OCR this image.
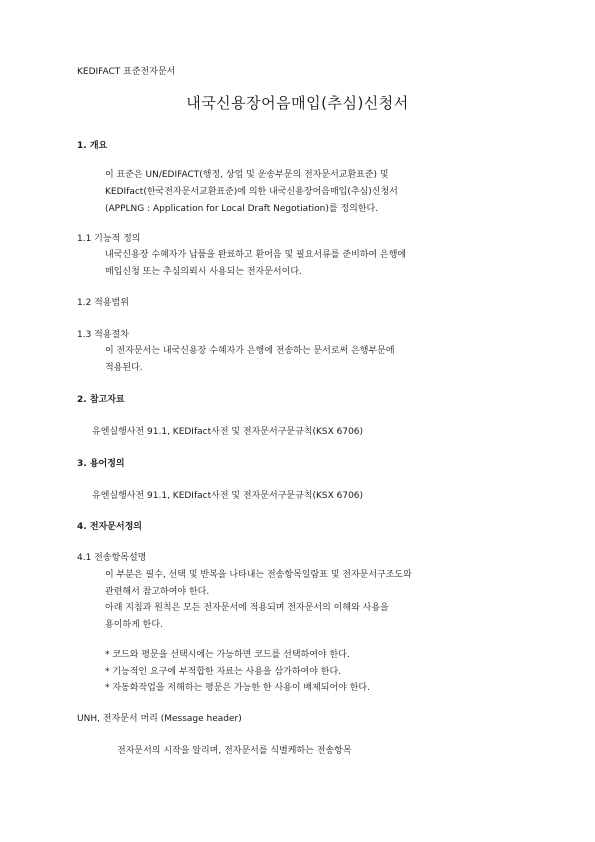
KEDIFACT 표준전자문서
내국신용장어음매입(추심)신청서
1. 개요
이 표준은 UN/EDIFACT(행정, 상업 및 운송부문의 전자문서교환표준) 및
KEDIfact(한국전자문서교환표준)에 의한 내국신용장어음매입(추심)신청서
(APPLNG : Application for Local Draft Negotiation)를 정의한다.
1.1 기능적 정의
내국신용장 수혜자가 납품을 완료하고 환어음 및 필요서류를 준비하여 은행에
매입신청 또는 추심의뢰시 사용되는 전자문서이다.
1.2 적용범위
1.3 적용절차
이 전자문서는 내국신용장 수혜자가 은행에 전송하는 문서로써 은행부문에
적용된다.
2. 참고자료
유엔실행사전 91.1, KEDIfact사전 및 전자문서구문규칙(KSX 6706)
3. 용어정의
유엔실행사전 91.1, KEDIfact사전 및 전자문서구문규칙(KSX 6706)
4. 전자문서정의
4.1 전송항목설명
이 부분은 필수, 선택 및 반복을 나타내는 전송항목일람표 및 전자문서구조도와
관련해서 참고하여야 한다.
아래 지침과 원칙은 모든 전자문서에 적용되며 전자문서의 이해와 사용을
용이하게 한다.
* 코드와 평문을 선택시에는 가능하면 코드를 선택하여야 한다.
* 기능적인 요구에 부적합한 자료는 사용을 삼가하여야 한다.
* 자동화작업을 저해하는 평문은 가능한 한 사용이 배제되어야 한다.
UNH, 전자문서 머리 (Message header)
전자문서의 시작을 알리며, 전자문서를 식별케하는 전송항목
